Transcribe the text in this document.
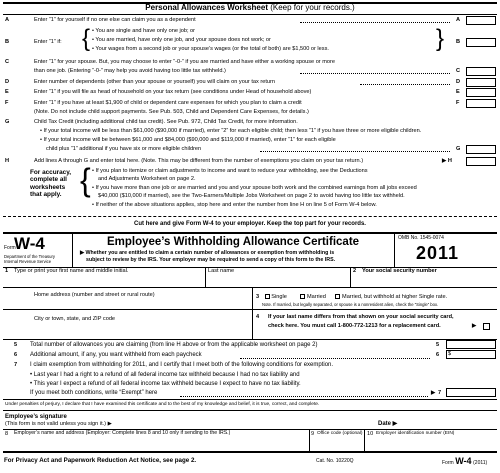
Personal Allowances Worksheet (Keep for your records.)
A	Enter “1” for yourself if no one else can claim you as a dependent	A
B	Enter “1” if: { • You are single and have only one job; or
• You are married, have only one job, and your spouse does not work; or
• Your wages from a second job or your spouse’s wages (or the total of both) are $1,500 or less.	} B
C	Enter “1” for your spouse. But, you may choose to enter “-0-” if you are married and have either a working spouse or more
than one job. (Entering “-0-” may help you avoid having too little tax withheld.)	C
D	Enter number of dependents (other than your spouse or yourself) you will claim on your tax return	D
E	Enter “1” if you will file as head of household on your tax return (see conditions under Head of household above)	E
F	Enter “1” if you have at least $1,900 of child or dependent care expenses for which you plan to claim a credit
(Note. Do not include child support payments. See Pub. 503, Child and Dependent Care Expenses, for details.)
F
G	Child Tax Credit (including additional child tax credit). See Pub. 972, Child Tax Credit, for more information.
• If your total income will be less than $61,000 ($90,000 if married), enter “2” for each eligible child; then less “1” if you have three or more eligible children.
• If your total income will be between $61,000 and $84,000 ($90,000 and $119,000 if married), enter “1” for each eligible
child plus “1” additional if you have six or more eligible children	G
H	Add lines A through G and enter total here. (Note. This may be different from the number of exemptions you claim on your tax return.)	▶ H
For accuracy,
complete all
worksheets
that apply. { • If you plan to itemize or claim adjustments to income and want to reduce your withholding, see the Deductions
and Adjustments Worksheet on page 2.
• If you have more than one job or are married and you and your spouse both work and the combined earnings from all jobs exceed
$40,000 ($10,000 if married), see the Two-Earners/Multiple Jobs Worksheet on page 2 to avoid having too little tax withheld.
• If neither of the above situations applies, stop here and enter the number from line H on line 5 of Form W-4 below.
Cut here and give Form W-4 to your employer. Keep the top part for your records.
Form
W-4
Department of the Treasury
Internal Revenue Service
Employee’s Withholding Allowance Certificate
▶ Whether you are entitled to claim a certain number of allowances or exemption from withholding is
subject to review by the IRS. Your employer may be required to send a copy of this form to the IRS.
OMB No. 1545-0074
2011
1 Type or print your first name and middle initial.	Last name	2 Your social security number
Home address (number and street or rural route)	3 Single	Married	Married, but withhold at higher Single rate.
Note. If married, but legally separated, or spouse is a nonresident alien, check the “Single” box.
City or town, state, and ZIP code	4 If your last name differs from that shown on your social security card,
check here. You must call 1-800-772-1213 for a replacement card.	▶
5 Total number of allowances you are claiming (from line H above or from the applicable worksheet on page 2)	5
6 Additional amount, if any, you want withheld from each paycheck	6	$
7 I claim exemption from withholding for 2011, and I certify that I meet both of the following conditions for exemption.
• Last year I had a right to a refund of all federal income tax withheld because I had no tax liability and
• This year I expect a refund of all federal income tax withheld because I expect to have no tax liability.
If you meet both conditions, write “Exempt” here	▶ 7
Under penalties of perjury, I declare that I have examined this certificate and to the best of my knowledge and belief, it is true, correct, and complete.
Employee’s signature
(This form is not valid unless you sign it.) ▶	Date ▶
8 Employer’s name and address (Employer: Complete lines 8 and 10 only if sending to the IRS.)	9 Office code (optional) 10 Employer identification number (EIN)
For Privacy Act and Paperwork Reduction Act Notice, see page 2.	Cat. No. 10220Q	Form W-4 (2011)
